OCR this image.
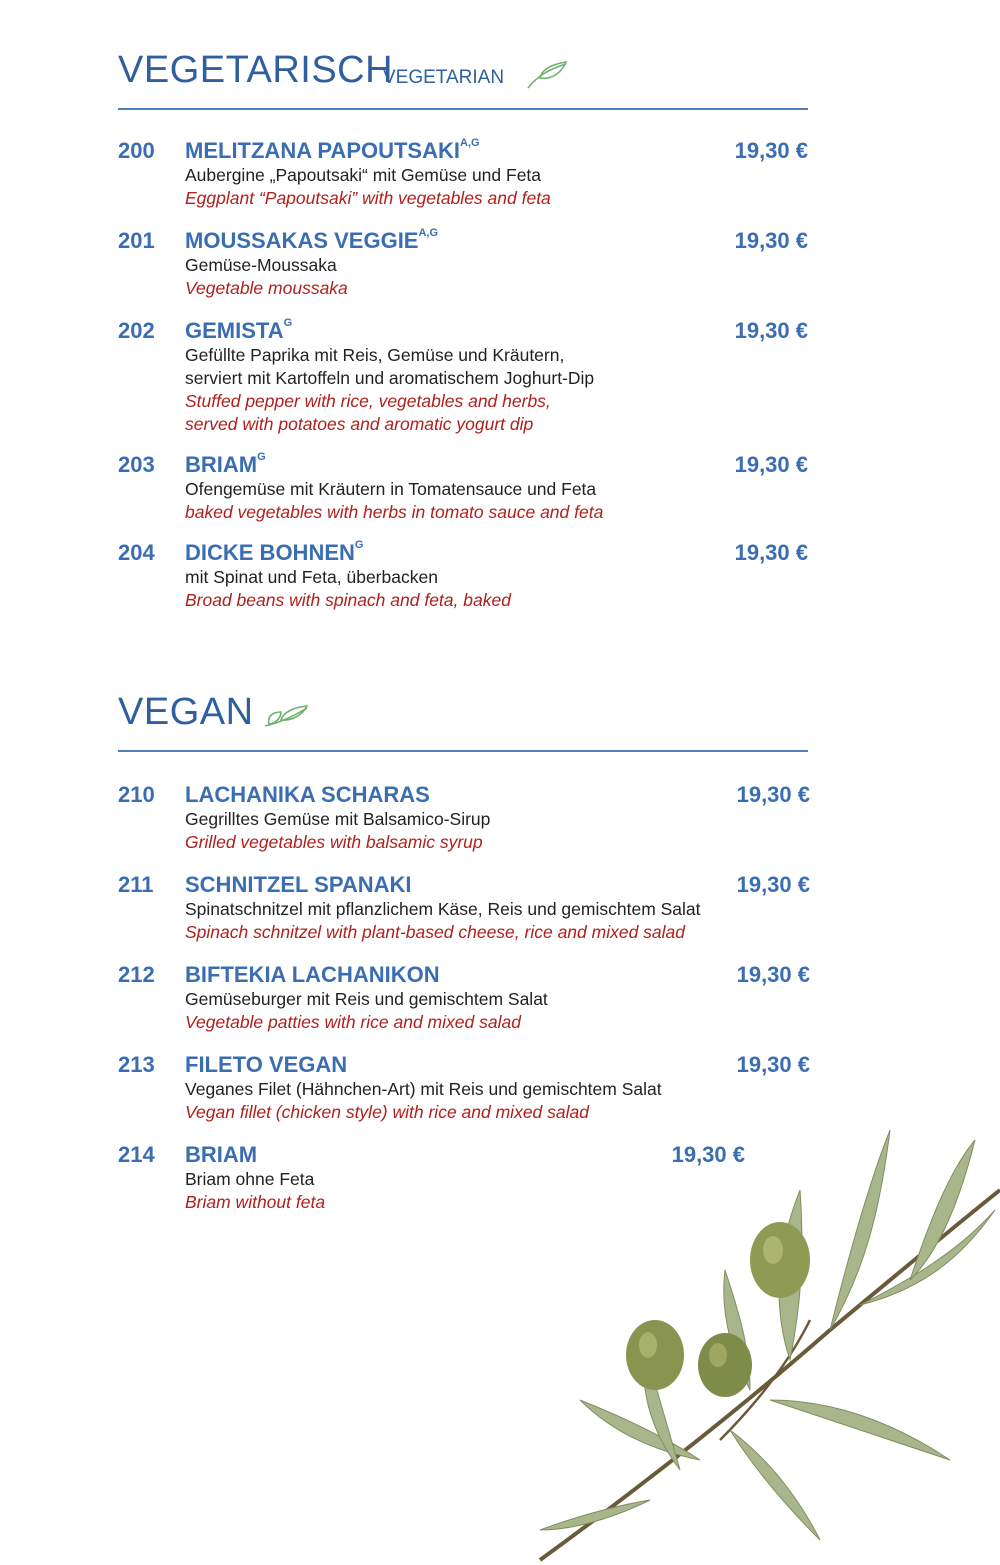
VEGETARISCH
VEGETARIAN
200 MELITZANA $PAPOUTSAKI^{A,G}$	19,30 €
Aubergine „Papoutsaki“ mit Gemüse und Feta
Eggplant “Papoutsaki” with vegetables and feta
201 MOUSSAKAS $VEGGIE^{A,G}$	19,30 €
Gemüse-Moussaka
Vegetable moussaka
202 $GEMISTA^G$	19,30 €
Gefüllte Paprika mit Reis, Gemüse und Kräutern,
serviert mit Kartoffeln und aromatischem Joghurt-Dip
Stuffed pepper with rice, vegetables and herbs,
served with potatoes and aromatic yogurt dip
203 $BRIAM^G$	19,30 €
Ofengemüse mit Kräutern in Tomatensauce und Feta
baked vegetables with herbs in tomato sauce and feta
204 DICKE $BOHNEN^G$	19,30 €
mit Spinat und Feta, überbacken
Broad beans with spinach and feta, baked
VEGAN
210 LACHANIKA SCHARAS	19,30 €
Gegrilltes Gemüse mit Balsamico-Sirup
Grilled vegetables with balsamic syrup
211 SCHNITZEL SPANAKI	19,30 €
Spinatschnitzel mit pflanzlichem Käse, Reis und gemischtem Salat
Spinach schnitzel with plant-based cheese, rice and mixed salad
212 BIFTEKIA LACHANIKON	19,30 €
Gemüseburger mit Reis und gemischtem Salat
Vegetable patties with rice and mixed salad
213 FILETO VEGAN	19,30 €
Veganes Filet (Hähnchen-Art) mit Reis und gemischtem Salat
Vegan fillet (chicken style) with rice and mixed salad
214 BRIAM	19,30 €
Briam ohne Feta
Briam without feta
